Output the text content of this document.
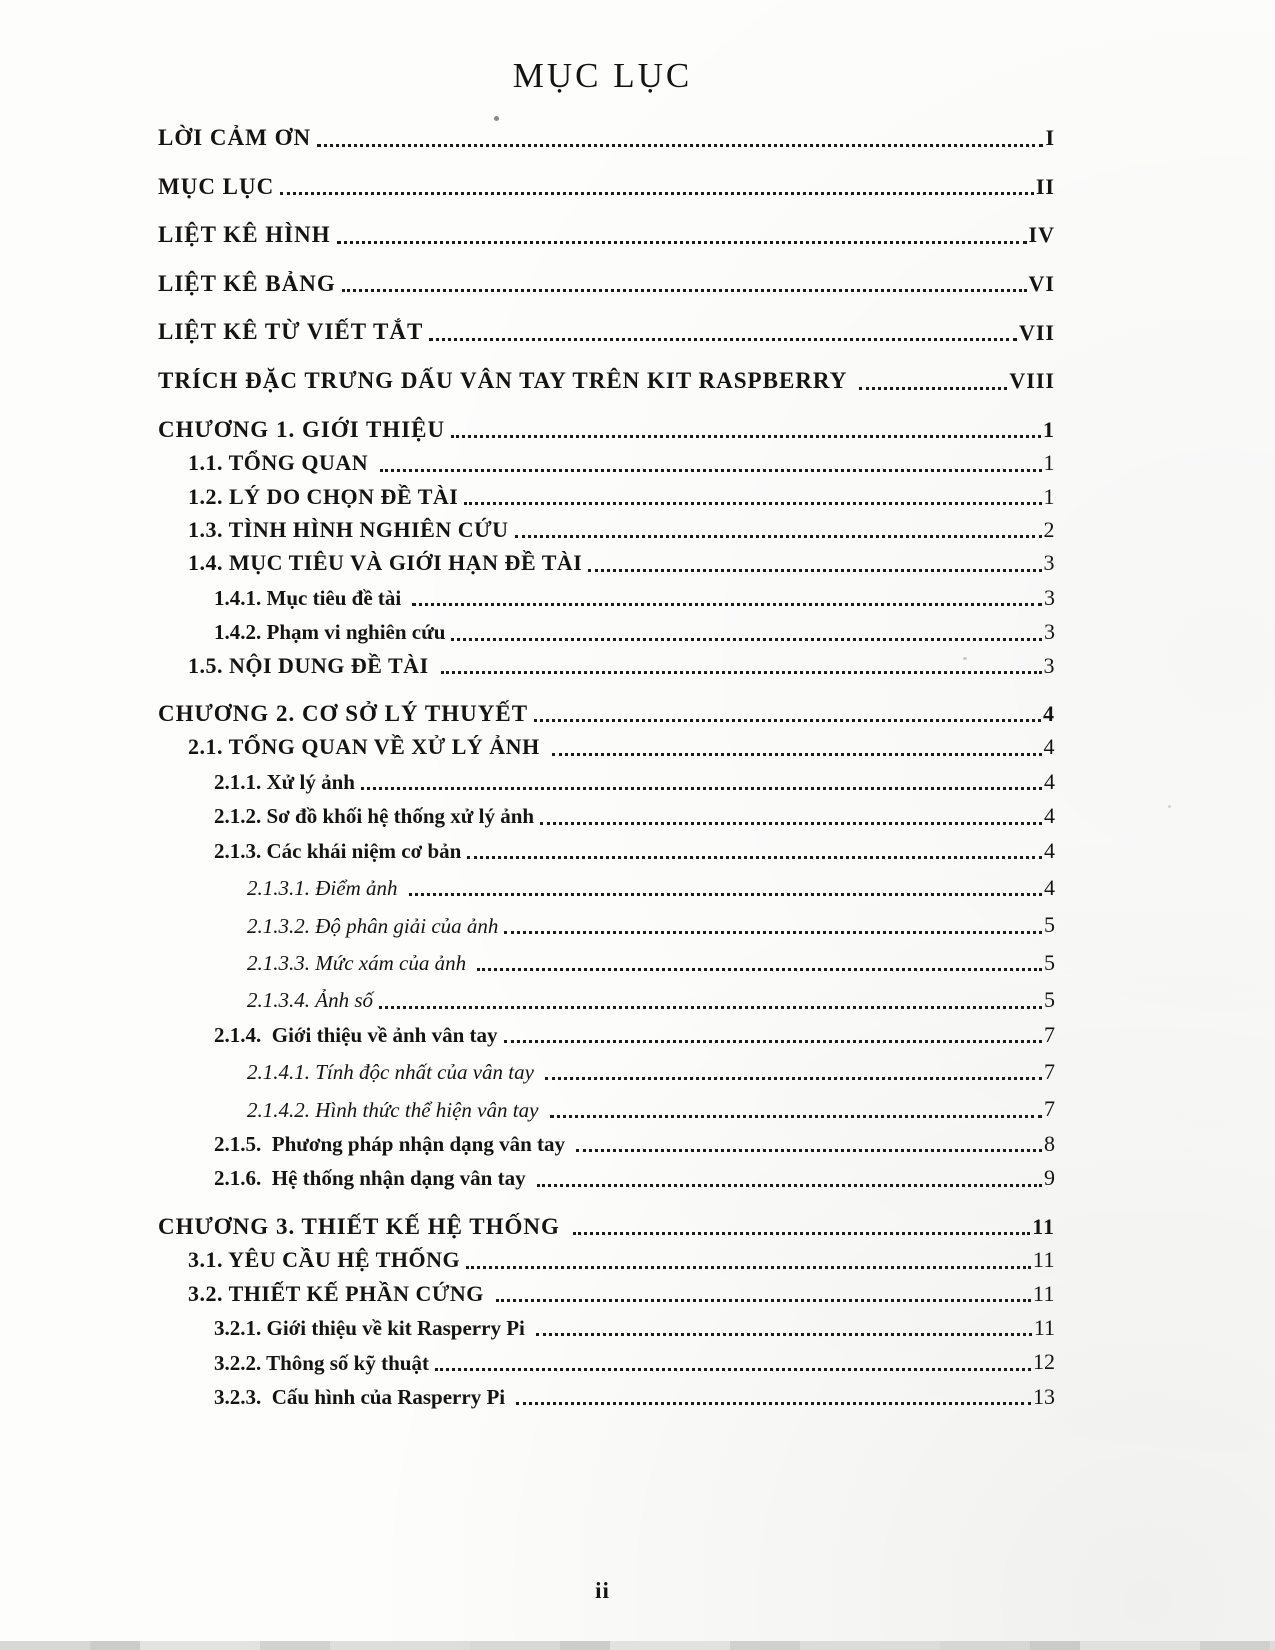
MỤC LỤC
LỜI CẢM ƠN	I
MỤC LỤC	II
LIỆT KÊ HÌNH	IV
LIỆT KÊ BẢNG	VI
LIỆT KÊ TỪ VIẾT TẮT	VII
TRÍCH ĐẶC TRƯNG DẤU VÂN TAY TRÊN KIT RASPBERRY	VIII
CHƯƠNG 1. GIỚI THIỆU	1
1.1. TỔNG QUAN	1
1.2. LÝ DO CHỌN ĐỀ TÀI	1
1.3. TÌNH HÌNH NGHIÊN CỨU	2
1.4. MỤC TIÊU VÀ GIỚI HẠN ĐỀ TÀI	3
1.4.1. Mục tiêu đề tài	3
1.4.2. Phạm vi nghiên cứu	3
1.5. NỘI DUNG ĐỀ TÀI	3
CHƯƠNG 2. CƠ SỞ LÝ THUYẾT	4
2.1. TỔNG QUAN VỀ XỬ LÝ ẢNH	4
2.1.1. Xử lý ảnh	4
2.1.2. Sơ đồ khối hệ thống xử lý ảnh	4
2.1.3. Các khái niệm cơ bản	4
2.1.3.1. Điểm ảnh	4
2.1.3.2. Độ phân giải của ảnh	5
2.1.3.3. Mức xám của ảnh	5
2.1.3.4. Ảnh số	5
2.1.4.  Giới thiệu về ảnh vân tay	7
2.1.4.1. Tính độc nhất của vân tay	7
2.1.4.2. Hình thức thể hiện vân tay	7
2.1.5.  Phương pháp nhận dạng vân tay	8
2.1.6.  Hệ thống nhận dạng vân tay	9
CHƯƠNG 3. THIẾT KẾ HỆ THỐNG	11
3.1. YÊU CẦU HỆ THỐNG	11
3.2. THIẾT KẾ PHẦN CỨNG	11
3.2.1. Giới thiệu về kit Rasperry Pi	11
3.2.2. Thông số kỹ thuật	12
3.2.3.  Cấu hình của Rasperry Pi	13
ii
